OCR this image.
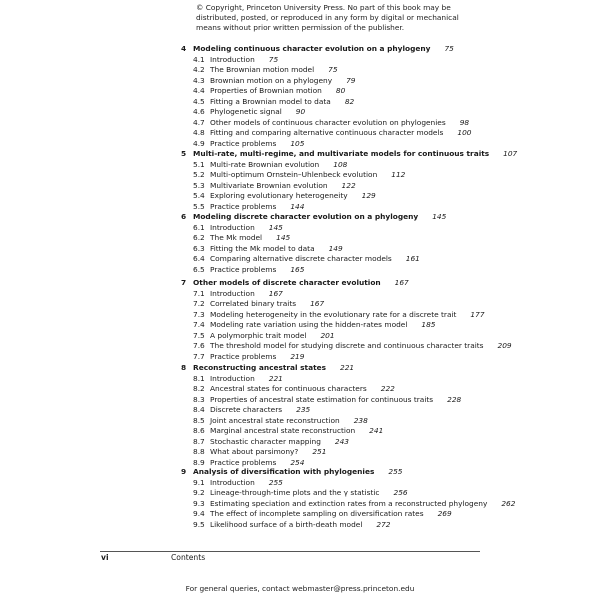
© Copyright, Princeton University Press. No part of this book may be
distributed, posted, or reproduced in any form by digital or mechanical
means without prior written permission of the publisher.
4 Modeling continuous character evolution on a phylogeny 75
4.1 Introduction 75
4.2 The Brownian motion model 75
4.3 Brownian motion on a phylogeny 79
4.4 Properties of Brownian motion 80
4.5 Fitting a Brownian model to data 82
4.6 Phylogenetic signal 90
4.7 Other models of continuous character evolution on phylogenies 98
4.8 Fitting and comparing alternative continuous character models 100
4.9 Practice problems 105
5 Multi-rate, multi-regime, and multivariate models for continuous traits 107
5.1 Multi-rate Brownian evolution 108
5.2 Multi-optimum Ornstein–Uhlenbeck evolution 112
5.3 Multivariate Brownian evolution 122
5.4 Exploring evolutionary heterogeneity 129
5.5 Practice problems 144
6 Modeling discrete character evolution on a phylogeny 145
6.1 Introduction 145
6.2 The Mk model 145
6.3 Fitting the Mk model to data 149
6.4 Comparing alternative discrete character models 161
6.5 Practice problems 165
7 Other models of discrete character evolution 167
7.1 Introduction 167
7.2 Correlated binary traits 167
7.3 Modeling heterogeneity in the evolutionary rate for a discrete trait 177
7.4 Modeling rate variation using the hidden-rates model 185
7.5 A polymorphic trait model 201
7.6 The threshold model for studying discrete and continuous character traits 209
7.7 Practice problems 219
8 Reconstructing ancestral states 221
8.1 Introduction 221
8.2 Ancestral states for continuous characters 222
8.3 Properties of ancestral state estimation for continuous traits 228
8.4 Discrete characters 235
8.5 Joint ancestral state reconstruction 238
8.6 Marginal ancestral state reconstruction 241
8.7 Stochastic character mapping 243
8.8 What about parsimony? 251
8.9 Practice problems 254
9 Analysis of diversification with phylogenies 255
9.1 Introduction 255
9.2 Lineage-through-time plots and the γ statistic 256
9.3 Estimating speciation and extinction rates from a reconstructed phylogeny 262
9.4 The effect of incomplete sampling on diversification rates 269
9.5 Likelihood surface of a birth-death model 272
vi	Contents
For general queries, contact webmaster@press.princeton.edu
